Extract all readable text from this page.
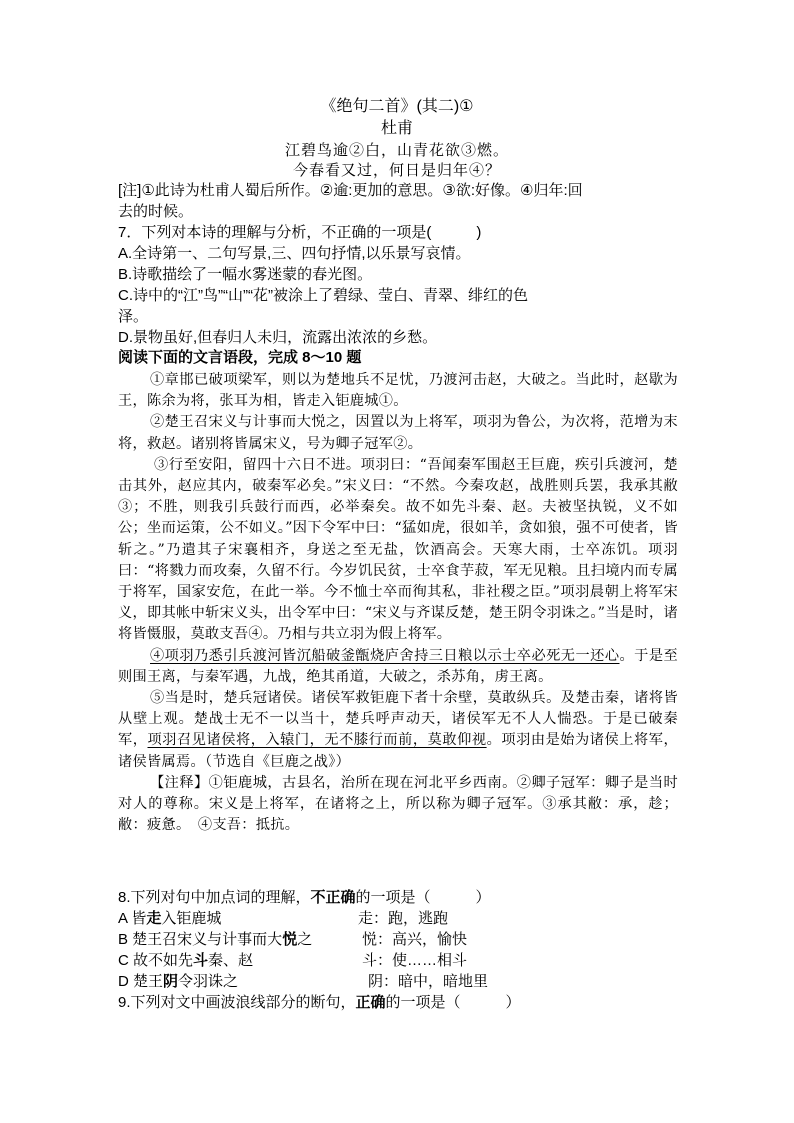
《绝句二首》(其二)①
杜甫
江碧鸟逾②白，山青花欲③燃。
今春看又过，何日是归年④？
[注]①此诗为杜甫人蜀后所作。②逾:更加的意思。③欲:好像。④归年:回
去的时候。
7．下列对本诗的理解与分析，不正确的一项是(　　　)
A.全诗第一、二句写景,三、四句抒情,以乐景写哀情。
B.诗歌描绘了一幅水雾迷蒙的春光图。
C.诗中的“江”鸟”“山”“花”被涂上了碧绿、莹白、青翠、绯红的色
泽。
D.景物虽好,但春归人未归，流露出浓浓的乡愁。
阅读下面的文言语段，完成 8～10 题

①章邯已破项梁军，则以为楚地兵不足忧，乃渡河击赵，大破之。当此时，赵歇为王，陈余为将，张耳为相，皆走入钜鹿城①。

②楚王召宋义与计事而大悦之，因置以为上将军，项羽为鲁公，为次将，范增为末将，救赵。诸别将皆属宋义，号为卿子冠军②。

③行至安阳，留四十六日不进。项羽曰：“吾闻秦军围赵王巨鹿，疾引兵渡河，楚击其外，赵应其内，破秦军必矣。”宋义曰：“不然。今秦攻赵，战胜则兵罢，我承其敝③；不胜，则我引兵鼓行而西，必举秦矣。故不如先斗秦、赵。夫被坚执锐，义不如公；坐而运策，公不如义。”因下令军中曰：“猛如虎，很如羊，贪如狼，强不可使者，皆斩之。”乃遣其子宋襄相齐，身送之至无盐，饮酒高会。天寒大雨，士卒冻饥。项羽曰：“将戮力而攻秦，久留不行。今岁饥民贫，士卒食芋菽，军无见粮。且扫境内而专属于将军，国家安危，在此一举。今不恤士卒而徇其私，非社稷之臣。”项羽晨朝上将军宋义，即其帐中斩宋义头，出令军中曰：“宋义与齐谋反楚，楚王阴令羽诛之。”当是时，诸将皆慑服，莫敢支吾④。乃相与共立羽为假上将军。

④项羽乃悉引兵渡河皆沉船破釜甑烧庐舍持三日粮以示士卒必死无一还心。于是至则围王离，与秦军遇，九战，绝其甬道，大破之，杀苏角，虏王离。

⑤当是时，楚兵冠诸侯。诸侯军救钜鹿下者十余壁，莫敢纵兵。及楚击秦，诸将皆从壁上观。楚战士无不一以当十，楚兵呼声动天，诸侯军无不人人惴恐。于是已破秦军，项羽召见诸侯将，入辕门，无不膝行而前，莫敢仰视。项羽由是始为诸侯上将军，诸侯皆属焉。（节选自《巨鹿之战》）

【注释】①钜鹿城，古县名，治所在现在河北平乡西南。②卿子冠军：卿子是当时对人的尊称。宋义是上将军，在诸将之上，所以称为卿子冠军。③承其敝：承，趁；敝：疲惫。　④支吾：抵抗。

8.下列对句中加点词的理解，不正确的一项是（　　　）
A 皆走入钜鹿城	走：跑，逃跑
B 楚王召宋义与计事而大悦之	悦：高兴，愉快
C 故不如先斗秦、赵	斗：使……相斗
D 楚王阴令羽诛之	阴：暗中，暗地里
9.下列对文中画波浪线部分的断句，正确的一项是（　　　）
